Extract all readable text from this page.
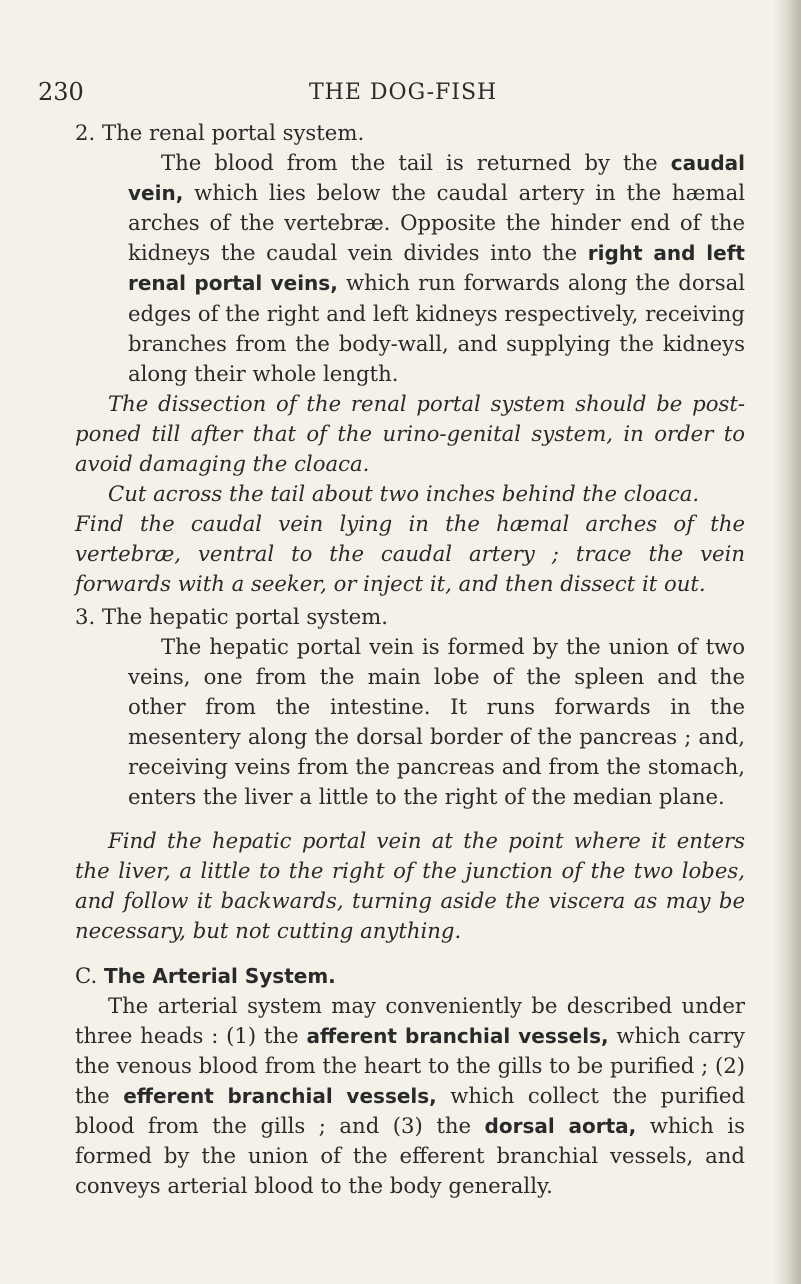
230	THE DOG-FISH

2. The renal portal system.

The blood from the tail is returned by the caudal vein, which lies below the caudal artery in the hæmal arches of the vertebræ. Opposite the hinder end of the kidneys the caudal vein divides into the right and left renal portal veins, which run forwards along the dorsal edges of the right and left kidneys respectively, receiving branches from the body-wall, and supplying the kidneys along their whole length.

The dissection of the renal portal system should be post-poned till after that of the urino-genital system, in order to avoid damaging the cloaca.

Cut across the tail about two inches behind the cloaca.

Find the caudal vein lying in the hæmal arches of the vertebræ, ventral to the caudal artery ; trace the vein forwards with a seeker, or inject it, and then dissect it out.

3. The hepatic portal system.

The hepatic portal vein is formed by the union of two veins, one from the main lobe of the spleen and the other from the intestine. It runs forwards in the mesentery along the dorsal border of the pancreas ; and, receiving veins from the pancreas and from the stomach, enters the liver a little to the right of the median plane.

Find the hepatic portal vein at the point where it enters the liver, a little to the right of the junction of the two lobes, and follow it backwards, turning aside the viscera as may be necessary, but not cutting anything.

C. The Arterial System.

The arterial system may conveniently be described under three heads : (1) the afferent branchial vessels, which carry the venous blood from the heart to the gills to be purified ; (2) the efferent branchial vessels, which collect the purified blood from the gills ; and (3) the dorsal aorta, which is formed by the union of the efferent branchial vessels, and conveys arterial blood to the body generally.
